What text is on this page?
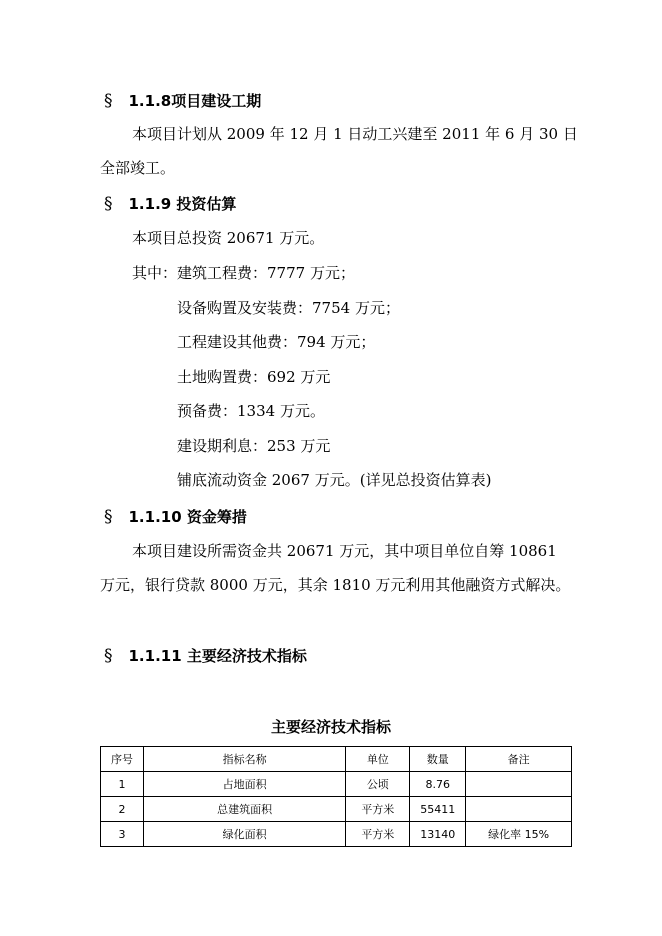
§ 1.1.8项目建设工期
本项目计划从 2009 年 12 月 1 日动工兴建至 2011 年 6 月 30 日
全部竣工。
§ 1.1.9 投资估算
本项目总投资 20671 万元。
其中：建筑工程费：7777 万元；
设备购置及安装费：7754 万元；
工程建设其他费：794 万元；
土地购置费：692 万元
预备费：1334 万元。
建设期利息：253 万元
铺底流动资金 2067 万元。(详见总投资估算表)
§ 1.1.10 资金筹措
本项目建设所需资金共 20671 万元，其中项目单位自筹 10861
万元，银行贷款 8000 万元，其余 1810 万元利用其他融资方式解决。
§ 1.1.11 主要经济技术指标
主要经济技术指标
序号	指标名称	单位	数量	备注
1	占地面积	公顷	8.76	
2	总建筑面积	平方米	55411	
3	绿化面积	平方米	13140	绿化率 15%
